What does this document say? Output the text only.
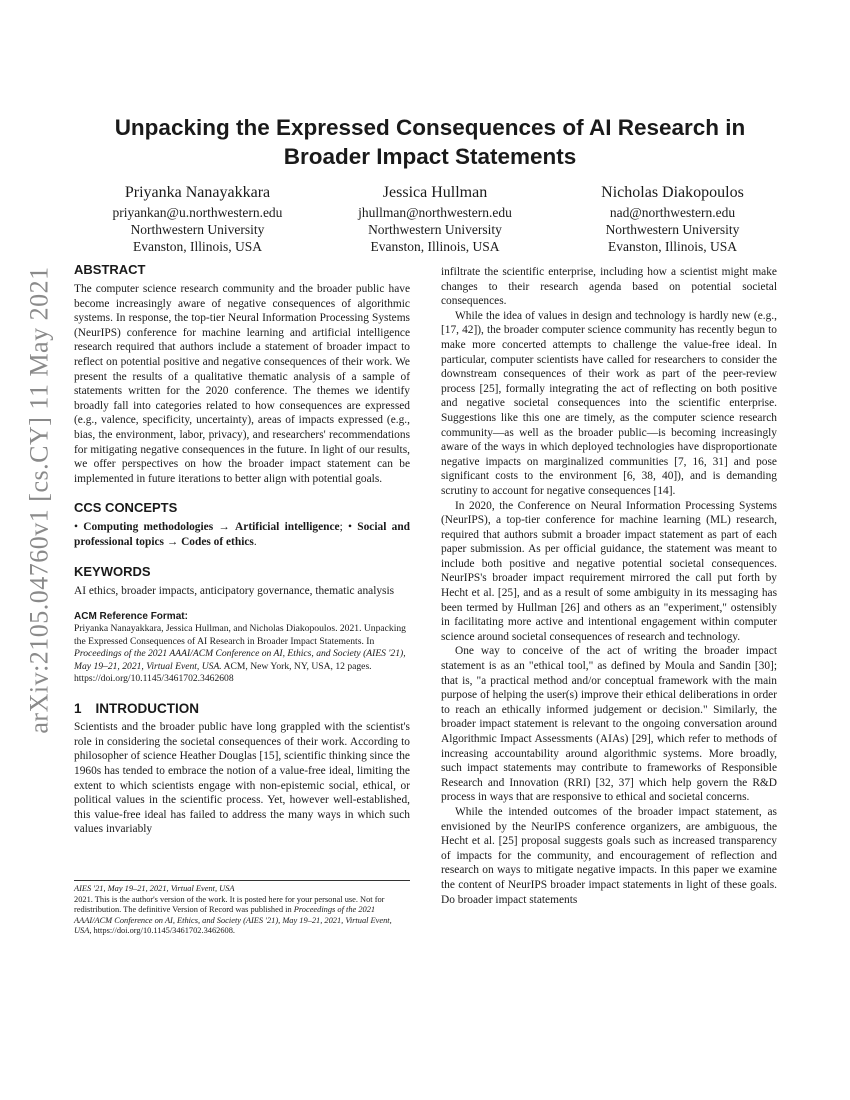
arXiv:2105.04760v1 [cs.CY] 11 May 2021
Unpacking the Expressed Consequences of AI Research in Broader Impact Statements
Priyanka Nanayakkara
priyankan@u.northwestern.edu
Northwestern University
Evanston, Illinois, USA
Jessica Hullman
jhullman@northwestern.edu
Northwestern University
Evanston, Illinois, USA
Nicholas Diakopoulos
nad@northwestern.edu
Northwestern University
Evanston, Illinois, USA
ABSTRACT

The computer science research community and the broader public have become increasingly aware of negative consequences of algorithmic systems. In response, the top-tier Neural Information Processing Systems (NeurIPS) conference for machine learning and artificial intelligence research required that authors include a statement of broader impact to reflect on potential positive and negative consequences of their work. We present the results of a qualitative thematic analysis of a sample of statements written for the 2020 conference. The themes we identify broadly fall into categories related to how consequences are expressed (e.g., valence, specificity, uncertainty), areas of impacts expressed (e.g., bias, the environment, labor, privacy), and researchers' recommendations for mitigating negative consequences in the future. In light of our results, we offer perspectives on how the broader impact statement can be implemented in future iterations to better align with potential goals.

CCS CONCEPTS

• Computing methodologies → Artificial intelligence; • Social and professional topics → Codes of ethics.

KEYWORDS

AI ethics, broader impacts, anticipatory governance, thematic analysis

ACM Reference Format:

Priyanka Nanayakkara, Jessica Hullman, and Nicholas Diakopoulos. 2021. Unpacking the Expressed Consequences of AI Research in Broader Impact Statements. In Proceedings of the 2021 AAAI/ACM Conference on AI, Ethics, and Society (AIES '21), May 19–21, 2021, Virtual Event, USA. ACM, New York, NY, USA, 12 pages. https://doi.org/10.1145/3461702.3462608

1 INTRODUCTION

Scientists and the broader public have long grappled with the scientist's role in considering the societal consequences of their work. According to philosopher of science Heather Douglas [15], scientific thinking since the 1960s has tended to embrace the notion of a value-free ideal, limiting the extent to which scientists engage with non-epistemic social, ethical, or political values in the scientific process. Yet, however well-established, this value-free ideal has failed to address the many ways in which such values invariably

AIES '21, May 19–21, 2021, Virtual Event, USA

2021. This is the author's version of the work. It is posted here for your personal use. Not for redistribution. The definitive Version of Record was published in Proceedings of the 2021 AAAI/ACM Conference on AI, Ethics, and Society (AIES '21), May 19–21, 2021, Virtual Event, USA, https://doi.org/10.1145/3461702.3462608.

infiltrate the scientific enterprise, including how a scientist might make changes to their research agenda based on potential societal consequences.

While the idea of values in design and technology is hardly new (e.g., [17, 42]), the broader computer science community has recently begun to make more concerted attempts to challenge the value-free ideal. In particular, computer scientists have called for researchers to consider the downstream consequences of their work as part of the peer-review process [25], formally integrating the act of reflecting on both positive and negative societal consequences into the scientific enterprise. Suggestions like this one are timely, as the computer science research community—as well as the broader public—is becoming increasingly aware of the ways in which deployed technologies have disproportionate negative impacts on marginalized communities [7, 16, 31] and pose significant costs to the environment [6, 38, 40]), and is demanding scrutiny to account for negative consequences [14].

In 2020, the Conference on Neural Information Processing Systems (NeurIPS), a top-tier conference for machine learning (ML) research, required that authors submit a broader impact statement as part of each paper submission. As per official guidance, the statement was meant to include both positive and negative potential societal consequences. NeurIPS's broader impact requirement mirrored the call put forth by Hecht et al. [25], and as a result of some ambiguity in its messaging has been termed by Hullman [26] and others as an "experiment," ostensibly in facilitating more active and intentional engagement within computer science around societal consequences of research and technology.

One way to conceive of the act of writing the broader impact statement is as an "ethical tool," as defined by Moula and Sandin [30]; that is, "a practical method and/or conceptual framework with the main purpose of helping the user(s) improve their ethical deliberations in order to reach an ethically informed judgement or decision." Similarly, the broader impact statement is relevant to the ongoing conversation around Algorithmic Impact Assessments (AIAs) [29], which refer to methods of increasing accountability around algorithmic systems. More broadly, such impact statements may contribute to frameworks of Responsible Research and Innovation (RRI) [32, 37] which help govern the R&D process in ways that are responsive to ethical and societal concerns.

While the intended outcomes of the broader impact statement, as envisioned by the NeurIPS conference organizers, are ambiguous, the Hecht et al. [25] proposal suggests goals such as increased transparency of impacts for the community, and encouragement of reflection and research on ways to mitigate negative impacts. In this paper we examine the content of NeurIPS broader impact statements in light of these goals. Do broader impact statements
